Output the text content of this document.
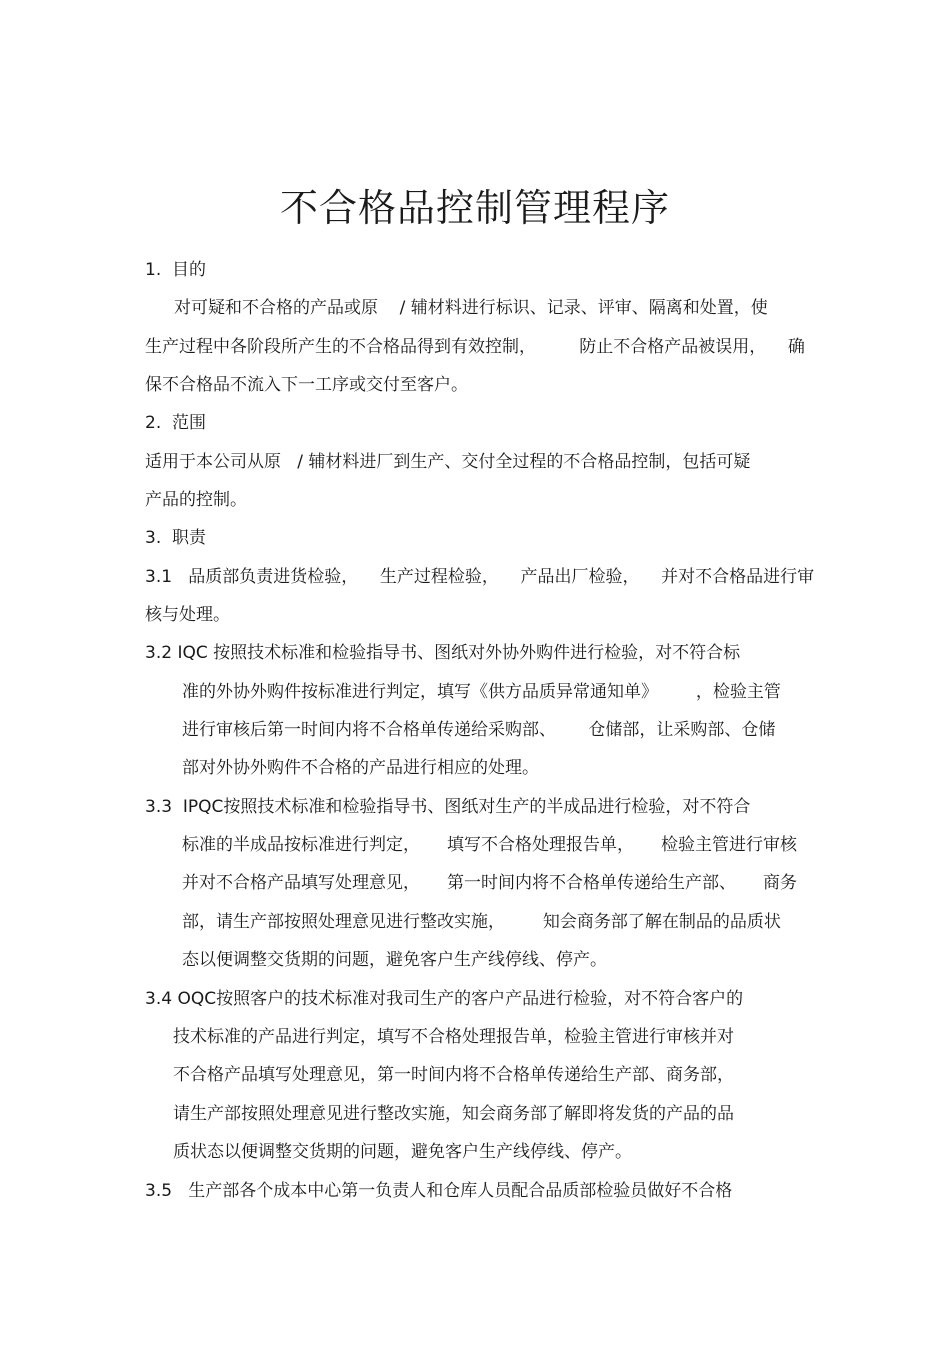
不合格品控制管理程序
1.  目的
对可疑和不合格的产品或原    / 辅材料进行标识、记录、评审、隔离和处置，使
生产过程中各阶段所产生的不合格品得到有效控制，        防止不合格产品被误用，    确
保不合格品不流入下一工序或交付至客户。
2.  范围
适用于本公司从原   / 辅材料进厂到生产、交付全过程的不合格品控制，包括可疑
产品的控制。
3.  职责
3.1   品质部负责进货检验，    生产过程检验，    产品出厂检验，    并对不合格品进行审
核与处理。
3.2 IQC 按照技术标准和检验指导书、图纸对外协外购件进行检验，对不符合标
准的外协外购件按标准进行判定，填写《供方品质异常通知单》       ，检验主管
进行审核后第一时间内将不合格单传递给采购部、      仓储部，让采购部、仓储
部对外协外购件不合格的产品进行相应的处理。
3.3  IPQC按照技术标准和检验指导书、图纸对生产的半成品进行检验，对不符合
标准的半成品按标准进行判定，     填写不合格处理报告单，     检验主管进行审核
并对不合格产品填写处理意见，     第一时间内将不合格单传递给生产部、     商务
部，请生产部按照处理意见进行整改实施，       知会商务部了解在制品的品质状
态以便调整交货期的问题，避免客户生产线停线、停产。
3.4 OQC按照客户的技术标准对我司生产的客户产品进行检验，对不符合客户的
技术标准的产品进行判定，填写不合格处理报告单，检验主管进行审核并对
不合格产品填写处理意见，第一时间内将不合格单传递给生产部、商务部，
请生产部按照处理意见进行整改实施，知会商务部了解即将发货的产品的品
质状态以便调整交货期的问题，避免客户生产线停线、停产。
3.5   生产部各个成本中心第一负责人和仓库人员配合品质部检验员做好不合格
